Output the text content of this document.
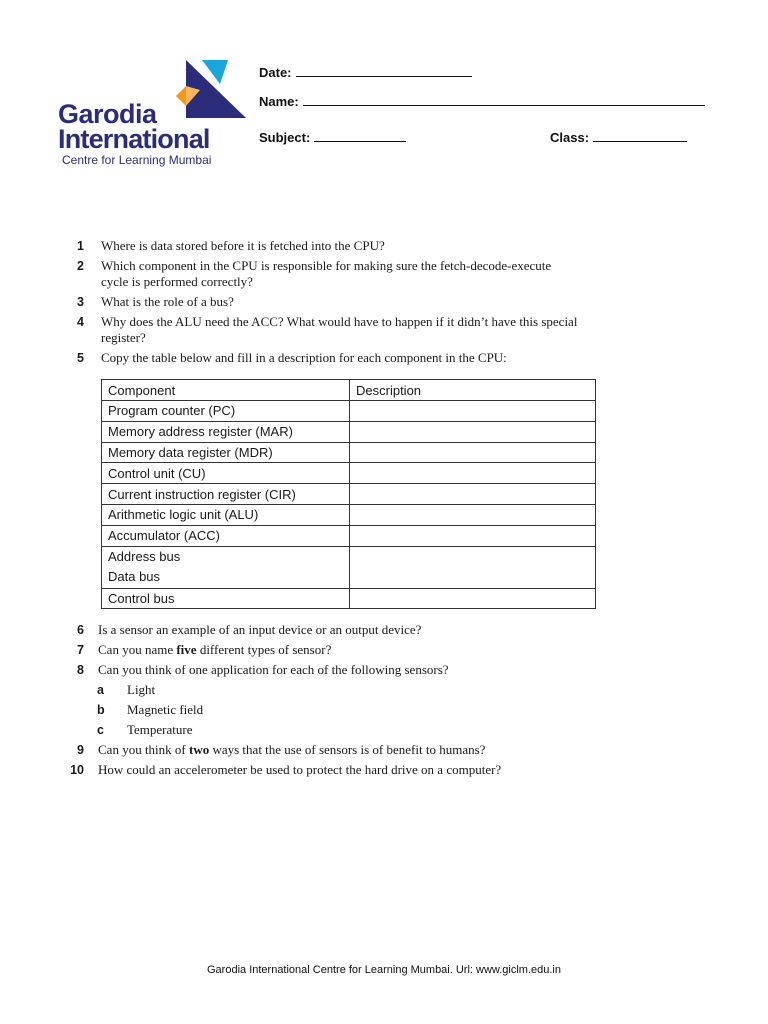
Garodia
International
Centre for Learning Mumbai
Date:
Name:
Subject:	Class:
1 Where is data stored before it is fetched into the CPU?
2 Which component in the CPU is responsible for making sure the fetch-decode-execute cycle is performed correctly?
3 What is the role of a bus?
4 Why does the ALU need the ACC? What would have to happen if it didn’t have this special register?
5 Copy the table below and fill in a description for each component in the CPU:
Component	Description
Program counter (PC)	
Memory address register (MAR)	
Memory data register (MDR)	
Control unit (CU)	
Current instruction register (CIR)	
Arithmetic logic unit (ALU)	
Accumulator (ACC)	

Address bus
Data bus	

Control bus	
6 Is a sensor an example of an input device or an output device?
7 Can you name five different types of sensor?
8 Can you think of one application for each of the following sensors?
a Light
b Magnetic field
c Temperature
9 Can you think of two ways that the use of sensors is of benefit to humans?
10 How could an accelerometer be used to protect the hard drive on a computer?
Garodia International Centre for Learning Mumbai. Url: www.giclm.edu.in
